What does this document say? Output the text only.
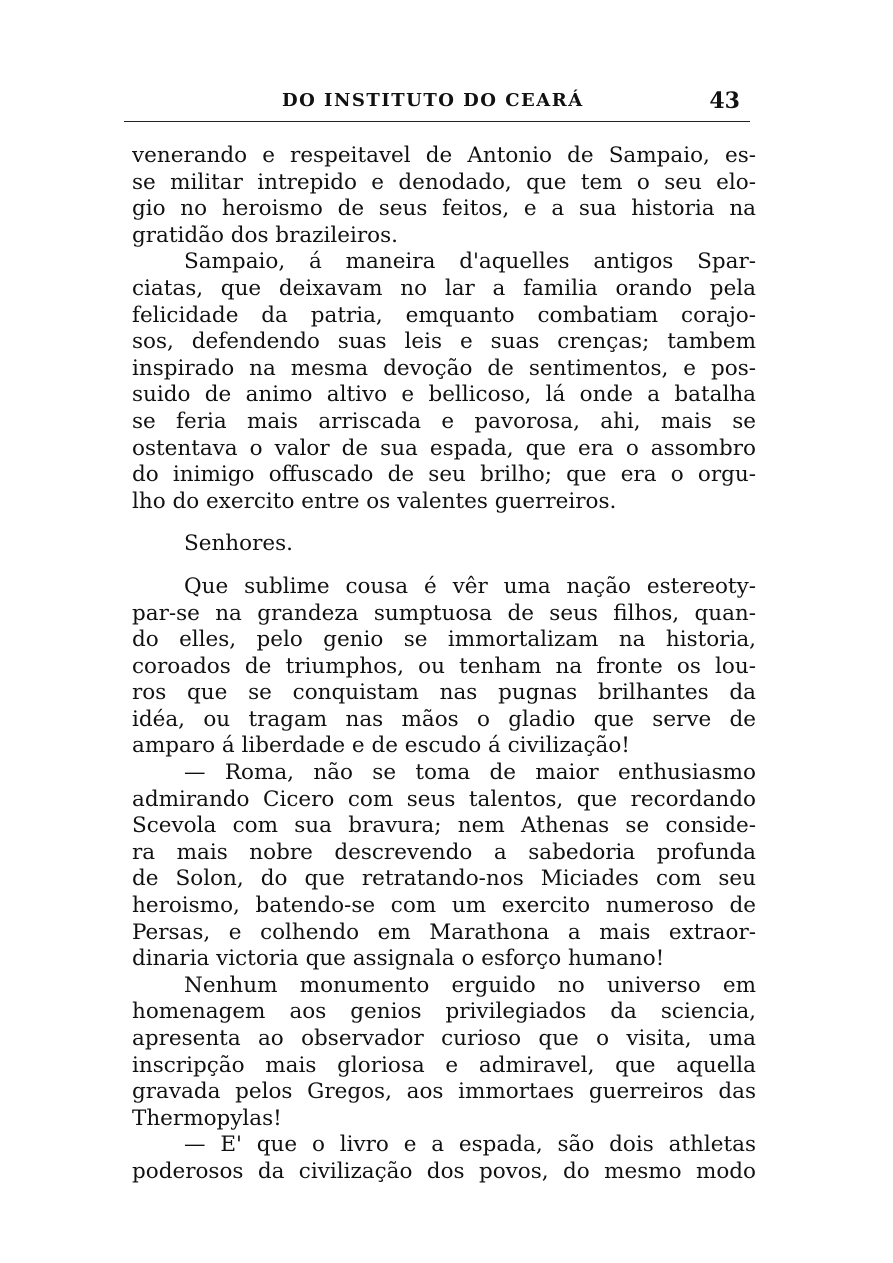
DO INSTITUTO DO CEARÁ	43
venerando e respeitavel de Antonio de Sampaio, es-
se militar intrepido e denodado, que tem o seu elo-
gio no heroismo de seus feitos, e a sua historia na
gratidão dos brazileiros.
Sampaio, á maneira d'aquelles antigos Spar-
ciatas, que deixavam no lar a familia orando pela
felicidade da patria, emquanto combatiam corajo-
sos, defendendo suas leis e suas crenças; tambem
inspirado na mesma devoção de sentimentos, e pos-
suido de animo altivo e bellicoso, lá onde a batalha
se feria mais arriscada e pavorosa, ahi, mais se
ostentava o valor de sua espada, que era o assombro
do inimigo offuscado de seu brilho; que era o orgu-
lho do exercito entre os valentes guerreiros.
Senhores.
Que sublime cousa é vêr uma nação estereoty-
par-se na grandeza sumptuosa de seus filhos, quan-
do elles, pelo genio se immortalizam na historia,
coroados de triumphos, ou tenham na fronte os lou-
ros que se conquistam nas pugnas brilhantes da
idéa, ou tragam nas mãos o gladio que serve de
amparo á liberdade e de escudo á civilização!
— Roma, não se toma de maior enthusiasmo
admirando Cicero com seus talentos, que recordando
Scevola com sua bravura; nem Athenas se considе-
ra mais nobre descrevendo a sabedoria profunda
de Solon, do que retratando-nos Miciades com seu
heroismo, batendo-se com um exercito numeroso de
Persas, e colhendo em Marathona a mais extraor-
dinaria victoria que assignala o esforço humano!
Nenhum monumento erguido no universo em
homenagem aos genios privilegiados da sciencia,
apresenta ao observador curioso que o visita, uma
inscripção mais gloriosa e admiravel, que aquella
gravada pelos Gregos, aos immortaes guerreiros das
Thermopylas!
— E' que o livro e a espada, são dois athletas
poderosos da civilização dos povos, do mesmo modo
